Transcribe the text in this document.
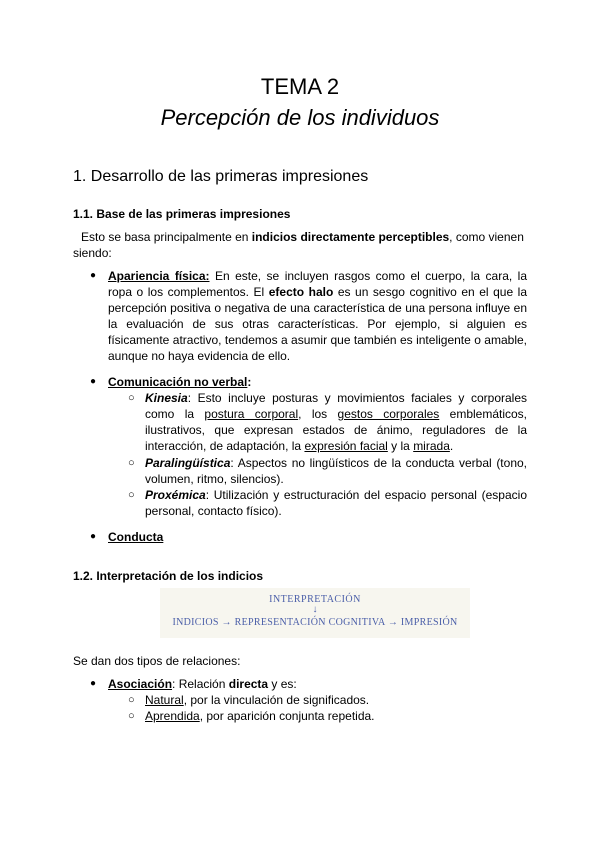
TEMA 2
Percepción de los individuos
1. Desarrollo de las primeras impresiones
1.1. Base de las primeras impresiones
Esto se basa principalmente en indicios directamente perceptibles, como vienen siendo:
● Apariencia física: En este, se incluyen rasgos como el cuerpo, la cara, la ropa o los complementos. El efecto halo es un sesgo cognitivo en el que la percepción positiva o negativa de una característica de una persona influye en la evaluación de sus otras características. Por ejemplo, si alguien es físicamente atractivo, tendemos a asumir que también es inteligente o amable, aunque no haya evidencia de ello.
● Comunicación no verbal:
○ Kinesia: Esto incluye posturas y movimientos faciales y corporales como la postura corporal, los gestos corporales emblemáticos, ilustrativos, que expresan estados de ánimo, reguladores de la interacción, de adaptación, la expresión facial y la mirada.
○ Paralingüística: Aspectos no lingüísticos de la conducta verbal (tono, volumen, ritmo, silencios).
○ Proxémica: Utilización y estructuración del espacio personal (espacio personal, contacto físico).
● Conducta
1.2. Interpretación de los indicios
INTERPRETACIÓN
↓
INDICIOS → REPRESENTACIÓN COGNITIVA → IMPRESIÓN
Se dan dos tipos de relaciones:
● Asociación: Relación directa y es:
○ Natural, por la vinculación de significados.
○ Aprendida, por aparición conjunta repetida.
